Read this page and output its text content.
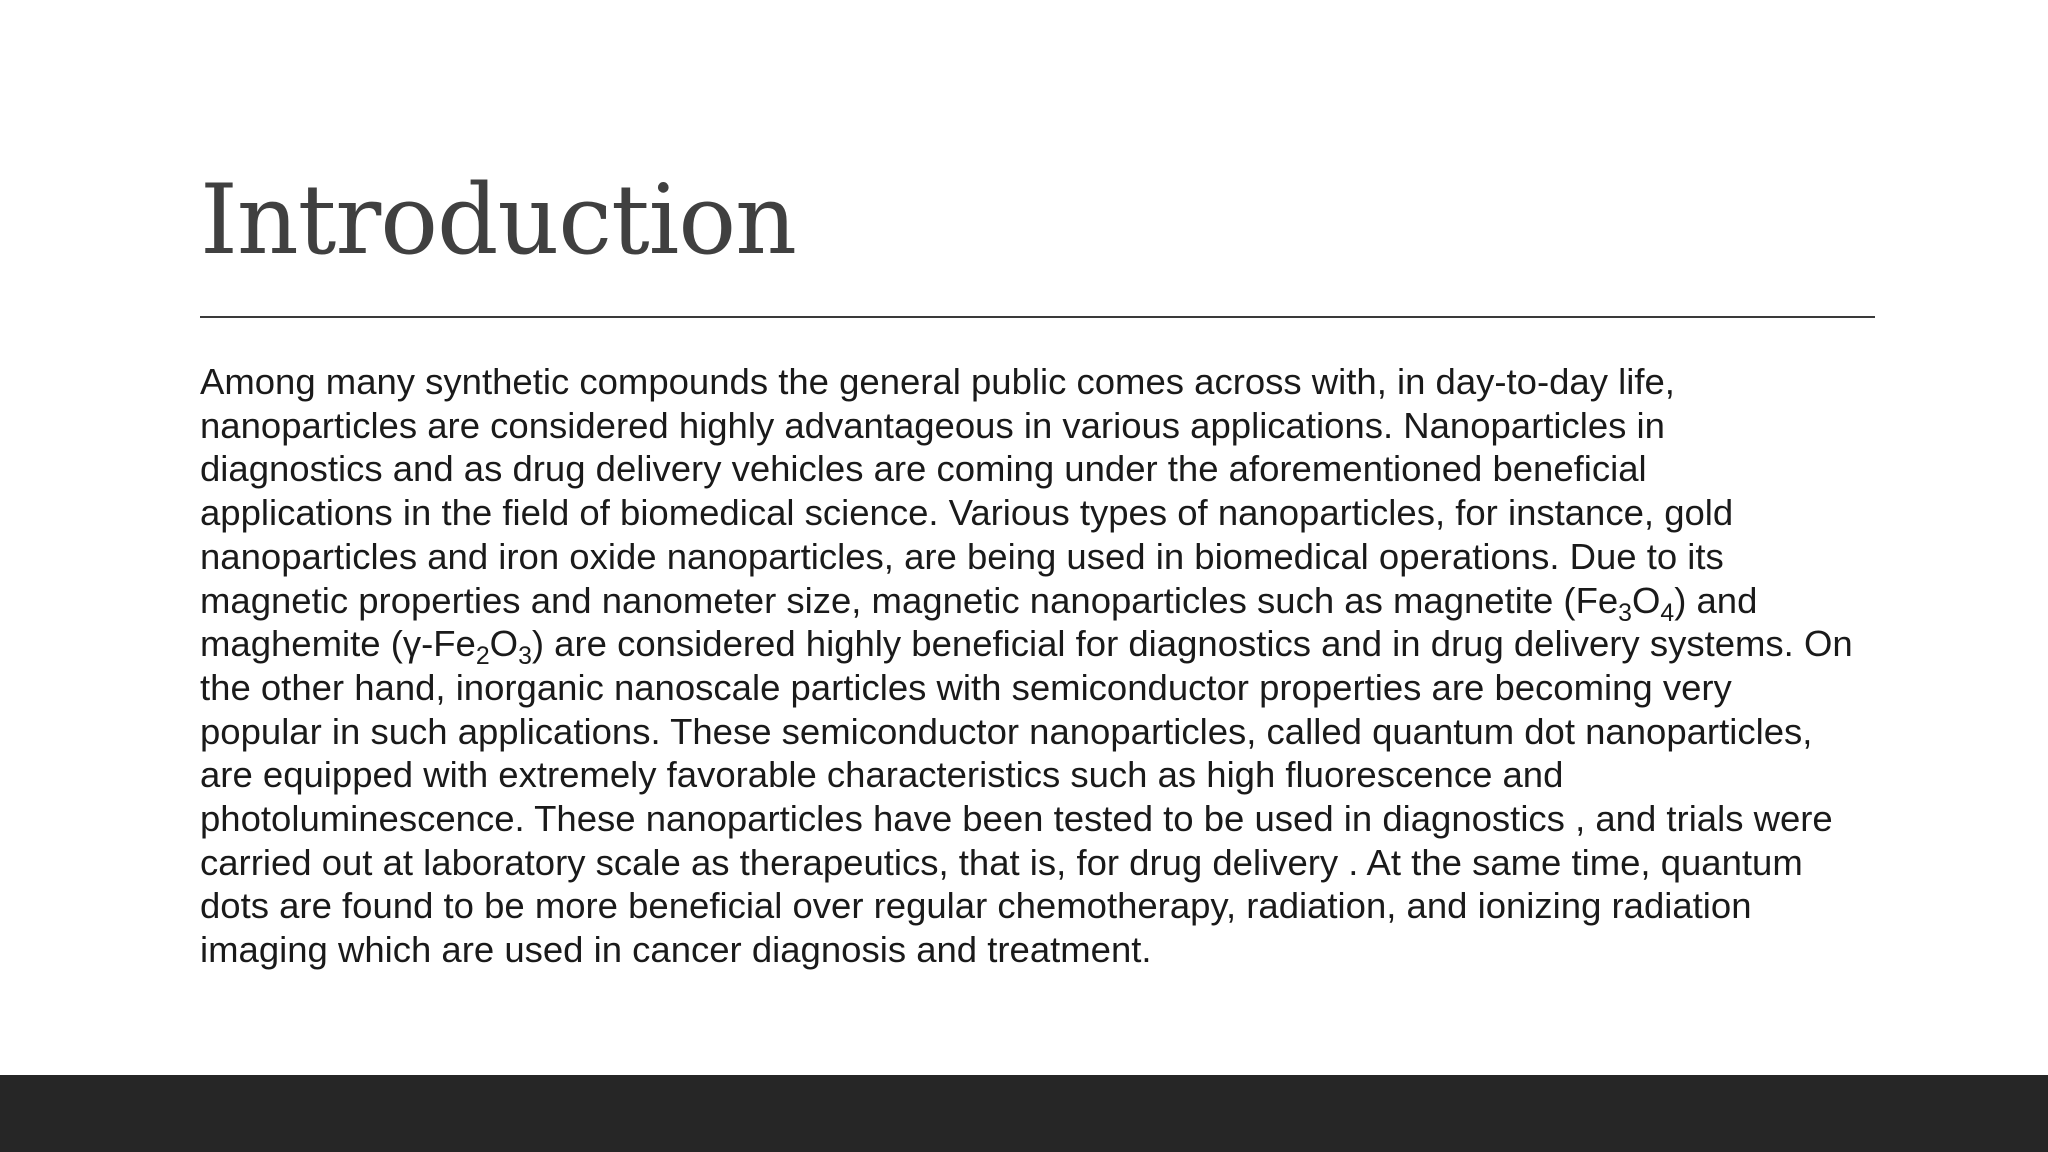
Introduction
Among many synthetic compounds the general public comes across with, in day-to-day life,
nanoparticles are considered highly advantageous in various applications. Nanoparticles in
diagnostics and as drug delivery vehicles are coming under the aforementioned beneficial
applications in the field of biomedical science. Various types of nanoparticles, for instance, gold
nanoparticles and iron oxide nanoparticles, are being used in biomedical operations. Due to its
magnetic properties and nanometer size, magnetic nanoparticles such as magnetite $(Fe_3O_4)$ and
maghemite $(\gamma-Fe_2O_3)$ are considered highly beneficial for diagnostics and in drug delivery systems. On
the other hand, inorganic nanoscale particles with semiconductor properties are becoming very
popular in such applications. These semiconductor nanoparticles, called quantum dot nanoparticles,
are equipped with extremely favorable characteristics such as high fluorescence and
photoluminescence. These nanoparticles have been tested to be used in diagnostics , and trials were
carried out at laboratory scale as therapeutics, that is, for drug delivery . At the same time, quantum
dots are found to be more beneficial over regular chemotherapy, radiation, and ionizing radiation
imaging which are used in cancer diagnosis and treatment.
